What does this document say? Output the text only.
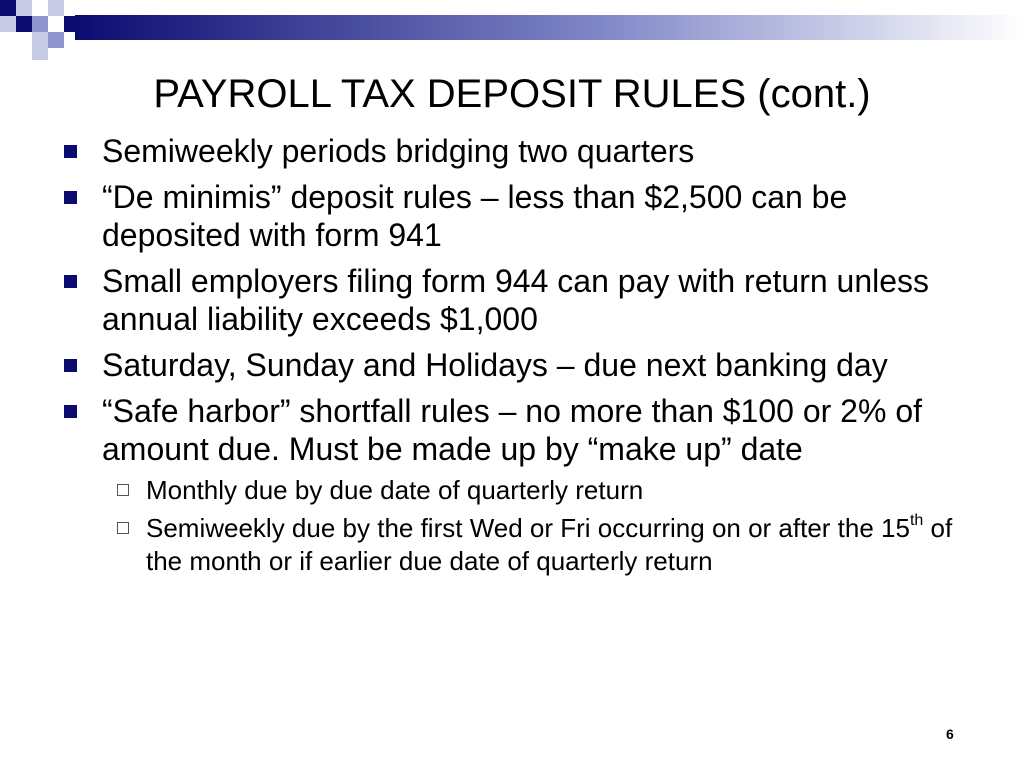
PAYROLL TAX DEPOSIT RULES (cont.)
Semiweekly periods bridging two quarters
“De minimis” deposit rules – less than $2,500 can be deposited with form 941
Small employers filing form 944 can pay with return unless annual liability exceeds $1,000
Saturday, Sunday and Holidays – due next banking day
“Safe harbor” shortfall rules – no more than $100 or 2% of amount due. Must be made up by “make up” date
Monthly due by due date of quarterly return
Semiweekly due by the first Wed or Fri occurring on or after the 15th of the month or if earlier due date of quarterly return
6
